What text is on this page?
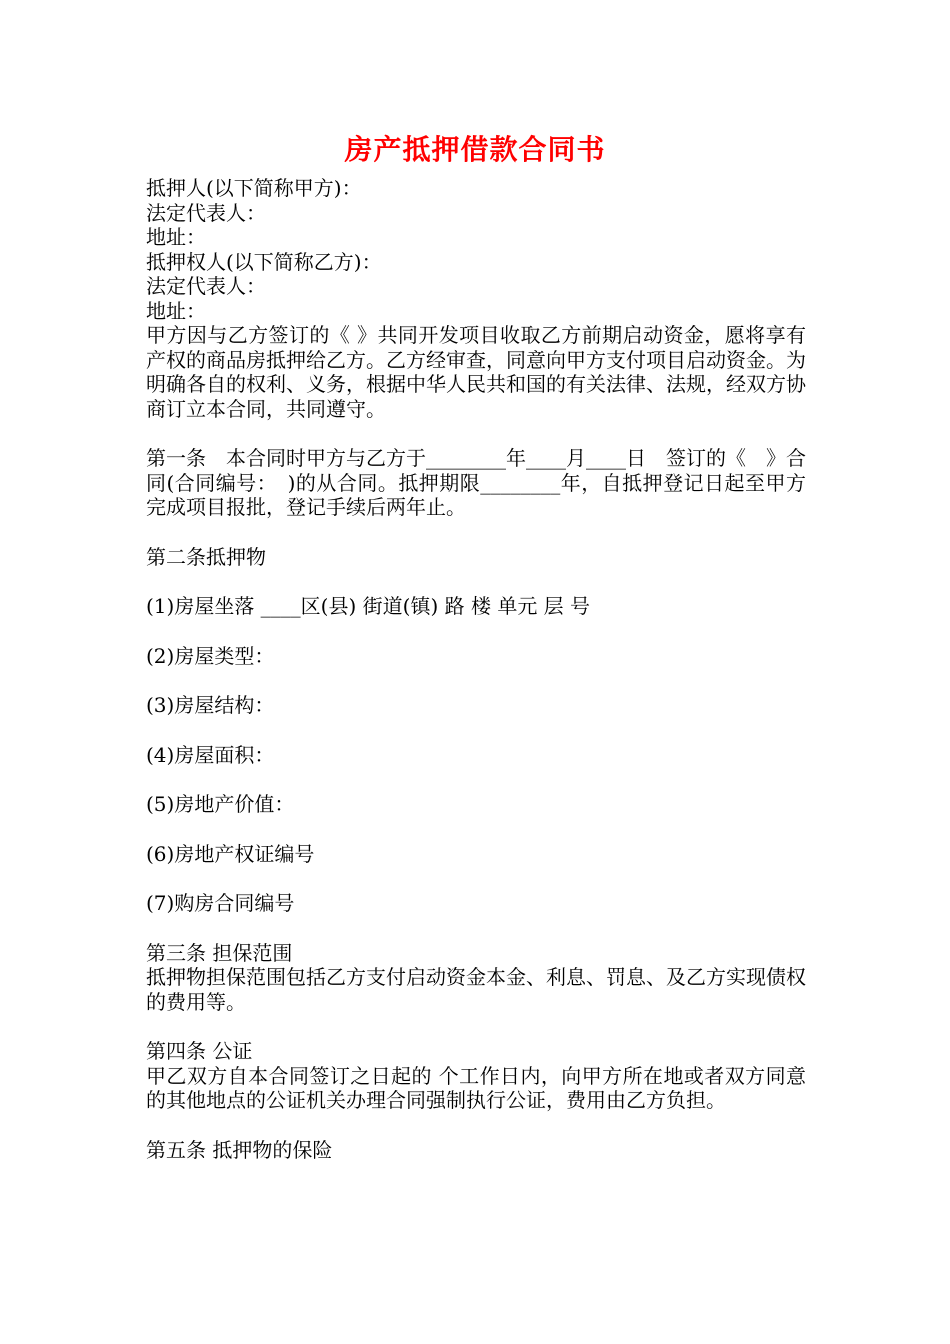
房产抵押借款合同书

抵押人(以下简称甲方)：

法定代表人：

地址：

抵押权人(以下简称乙方)：

法定代表人：

地址：

甲方因与乙方签订的《 》共同开发项目收取乙方前期启动资金，愿将享有产权的商品房抵押给乙方。乙方经审查，同意向甲方支付项目启动资金。为明确各自的权利、义务，根据中华人民共和国的有关法律、法规，经双方协商订立本合同，共同遵守。

第一条　本合同时甲方与乙方于________年____月____日　签订的《　》合同(合同编号：　)的从合同。抵押期限________年，自抵押登记日起至甲方完成项目报批，登记手续后两年止。

第二条抵押物

(1)房屋坐落 ____区(县) 街道(镇) 路 楼 单元 层 号

(2)房屋类型：

(3)房屋结构：

(4)房屋面积：

(5)房地产价值：

(6)房地产权证编号

(7)购房合同编号

第三条 担保范围

抵押物担保范围包括乙方支付启动资金本金、利息、罚息、及乙方实现债权的费用等。

第四条 公证

甲乙双方自本合同签订之日起的 个工作日内，向甲方所在地或者双方同意的其他地点的公证机关办理合同强制执行公证，费用由乙方负担。

第五条 抵押物的保险
